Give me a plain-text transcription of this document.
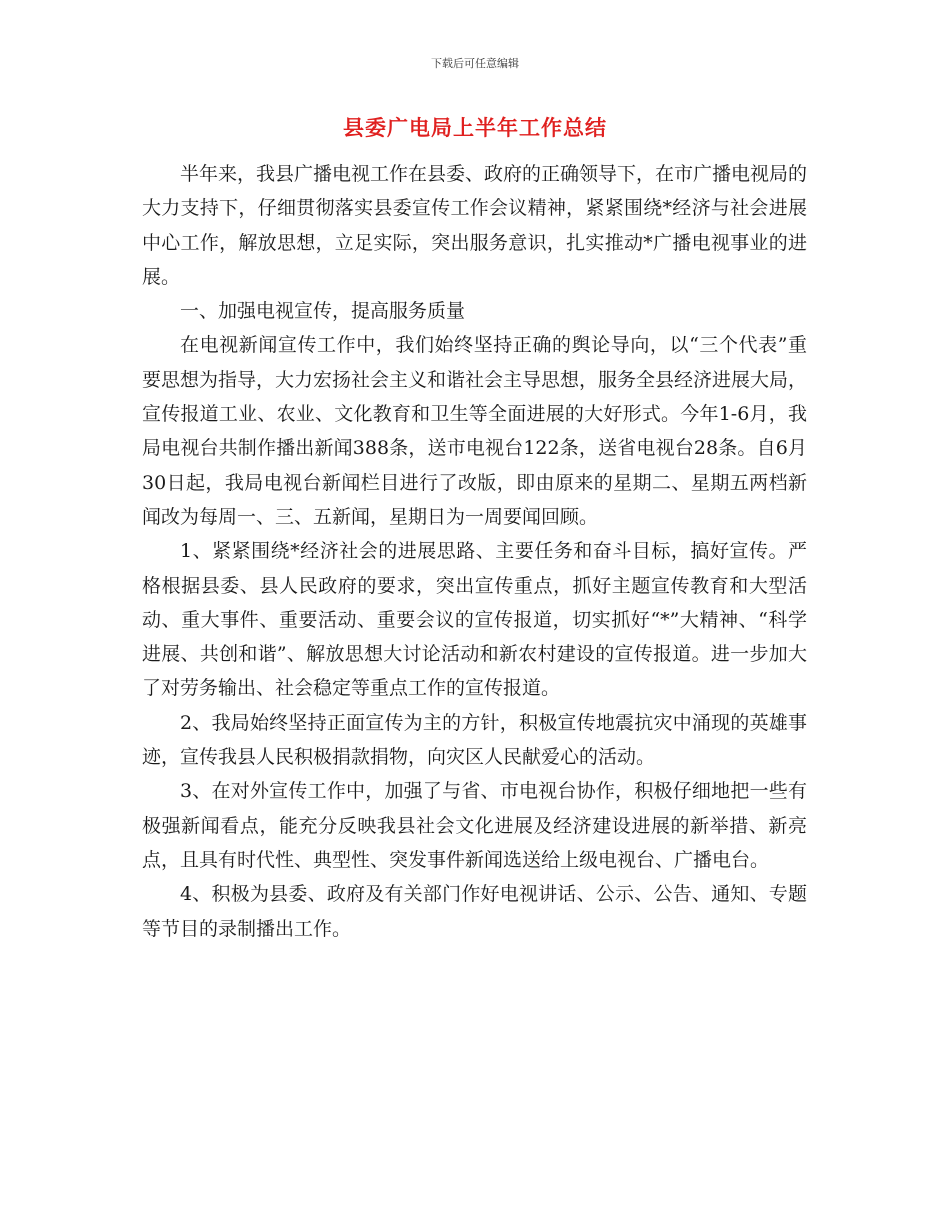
下载后可任意编辑
县委广电局上半年工作总结

半年来，我县广播电视工作在县委、政府的正确领导下，在市广播电视局的大力支持下，仔细贯彻落实县委宣传工作会议精神，紧紧围绕*经济与社会进展中心工作，解放思想，立足实际，突出服务意识，扎实推动*广播电视事业的进展。

一、加强电视宣传，提高服务质量

在电视新闻宣传工作中，我们始终坚持正确的舆论导向，以“三个代表”重要思想为指导，大力宏扬社会主义和谐社会主导思想，服务全县经济进展大局，宣传报道工业、农业、文化教育和卫生等全面进展的大好形式。今年1-6月，我局电视台共制作播出新闻388条，送市电视台122条，送省电视台28条。自6月30日起，我局电视台新闻栏目进行了改版，即由原来的星期二、星期五两档新闻改为每周一、三、五新闻，星期日为一周要闻回顾。

1、紧紧围绕*经济社会的进展思路、主要任务和奋斗目标，搞好宣传。严格根据县委、县人民政府的要求，突出宣传重点，抓好主题宣传教育和大型活动、重大事件、重要活动、重要会议的宣传报道，切实抓好“*”大精神、“科学进展、共创和谐”、解放思想大讨论活动和新农村建设的宣传报道。进一步加大了对劳务输出、社会稳定等重点工作的宣传报道。

2、我局始终坚持正面宣传为主的方针，积极宣传地震抗灾中涌现的英雄事迹，宣传我县人民积极捐款捐物，向灾区人民献爱心的活动。

3、在对外宣传工作中，加强了与省、市电视台协作，积极仔细地把一些有极强新闻看点，能充分反映我县社会文化进展及经济建设进展的新举措、新亮点，且具有时代性、典型性、突发事件新闻选送给上级电视台、广播电台。

4、积极为县委、政府及有关部门作好电视讲话、公示、公告、通知、专题等节目的录制播出工作。
